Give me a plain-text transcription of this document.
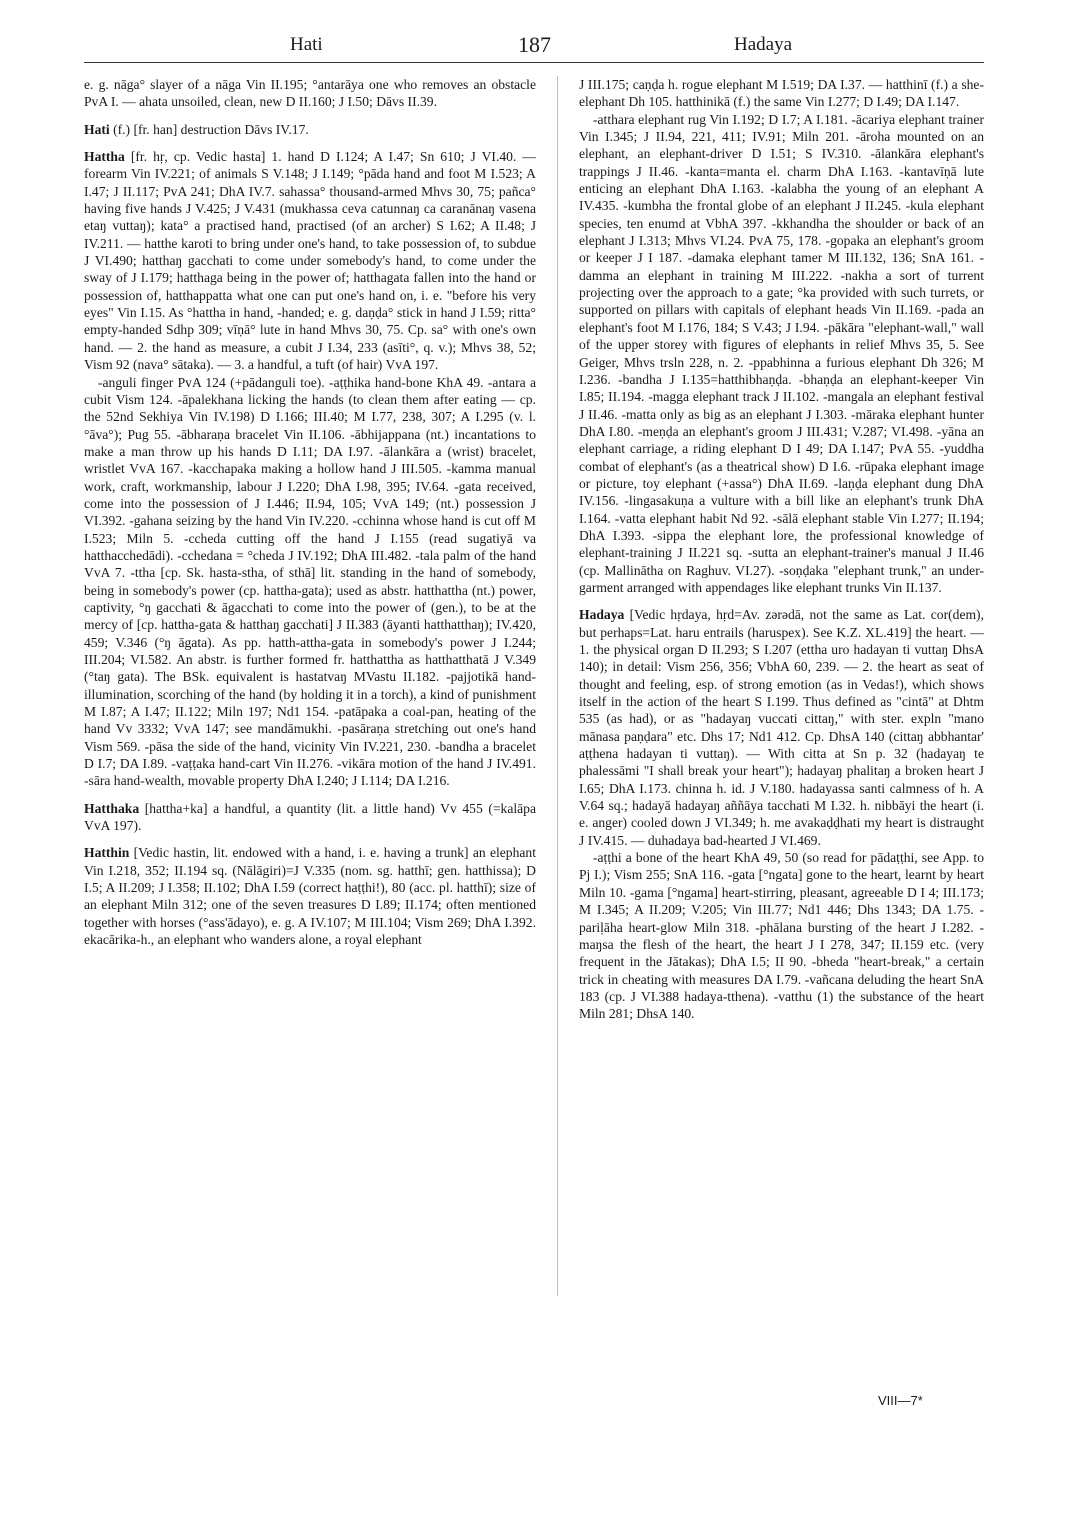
Hati	187	Hadaya

e. g. nāga° slayer of a nāga Vin II.195; °antarāya one who removes an obstacle PvA I. — ahata unsoiled, clean, new D II.160; J I.50; Dāvs II.39.

Hati (f.) [fr. han] destruction Dāvs IV.17.

Hattha [fr. hṛ, cp. Vedic hasta] 1. hand D I.124; A I.47; Sn 610; J VI.40. — forearm Vin IV.221; of animals S V.148; J I.149; °pāda hand and foot M I.523; A I.47; J II.117; PvA 241; DhA IV.7. sahassa° thousand-armed Mhvs 30, 75; pañca° having five hands J V.425; J V.431 (mukhassa ceva catunnaŋ ca caranānaŋ vasena etaŋ vuttaŋ); kata° a practised hand, practised (of an archer) S I.62; A II.48; J IV.211. — hatthe karoti to bring under one's hand, to take possession of, to subdue J VI.490; hatthaŋ gacchati to come under somebody's hand, to come under the sway of J I.179; hatthaga being in the power of; hatthagata fallen into the hand or possession of, hatthappatta what one can put one's hand on, i. e. "before his very eyes" Vin I.15. As °hattha in hand, -handed; e. g. daṇḍa° stick in hand J I.59; ritta° empty-handed Sdhp 309; vīṇā° lute in hand Mhvs 30, 75. Cp. sa° with one's own hand. — 2. the hand as measure, a cubit J I.34, 233 (asīti°, q. v.); Mhvs 38, 52; Vism 92 (nava° sātaka). — 3. a handful, a tuft (of hair) VvA 197.

-anguli finger PvA 124 (+pādanguli toe). -aṭṭhika hand-bone KhA 49. -antara a cubit Vism 124. -āpalekhana licking the hands (to clean them after eating — cp. the 52nd Sekhiya Vin IV.198) D I.166; III.40; M I.77, 238, 307; A I.295 (v. l. °āva°); Pug 55. -ābharaṇa bracelet Vin II.106. -ābhijappana (nt.) incantations to make a man throw up his hands D I.11; DA I.97. -ālankāra a (wrist) bracelet, wristlet VvA 167. -kacchapaka making a hollow hand J III.505. -kamma manual work, craft, workmanship, labour J I.220; DhA I.98, 395; IV.64. -gata received, come into the possession of J I.446; II.94, 105; VvA 149; (nt.) possession J VI.392. -gahana seizing by the hand Vin IV.220. -cchinna whose hand is cut off M I.523; Miln 5. -ccheda cutting off the hand J I.155 (read sugatiyā va hatthacchedādi). -cchedana = °cheda J IV.192; DhA III.482. -tala palm of the hand VvA 7. -ttha [cp. Sk. hasta-stha, of sthā] lit. standing in the hand of somebody, being in somebody's power (cp. hattha-gata); used as abstr. hatthattha (nt.) power, captivity, °ŋ gacchati & āgacchati to come into the power of (gen.), to be at the mercy of [cp. hattha-gata & hatthaŋ gacchati] J II.383 (āyanti hatthatthaŋ); IV.420, 459; V.346 (°ŋ āgata). As pp. hatth-attha-gata in somebody's power J I.244; III.204; VI.582. An abstr. is further formed fr. hatthattha as hatthatthatā J V.349 (°taŋ gata). The BSk. equivalent is hastatvaŋ MVastu II.182. -pajjotikā hand-illumination, scorching of the hand (by holding it in a torch), a kind of punishment M I.87; A I.47; II.122; Miln 197; Nd1 154. -patāpaka a coal-pan, heating of the hand Vv 3332; VvA 147; see mandāmukhi. -pasāraṇa stretching out one's hand Vism 569. -pāsa the side of the hand, vicinity Vin IV.221, 230. -bandha a bracelet D I.7; DA I.89. -vaṭṭaka hand-cart Vin II.276. -vikāra motion of the hand J IV.491. -sāra hand-wealth, movable property DhA I.240; J I.114; DA I.216.

Hatthaka [hattha+ka] a handful, a quantity (lit. a little hand) Vv 455 (=kalāpa VvA 197).

Hatthin [Vedic hastin, lit. endowed with a hand, i. e. having a trunk] an elephant Vin I.218, 352; II.194 sq. (Nālāgiri)=J V.335 (nom. sg. hatthī; gen. hatthissa); D I.5; A II.209; J I.358; II.102; DhA I.59 (correct haṭṭhi!), 80 (acc. pl. hatthī); size of an elephant Miln 312; one of the seven treasures D I.89; II.174; often mentioned together with horses (°ass'ādayo), e. g. A IV.107; M III.104; Vism 269; DhA I.392. ekacārika-h., an elephant who wanders alone, a royal elephant

J III.175; caṇḍa h. rogue elephant M I.519; DA I.37. — hatthinī (f.) a she-elephant Dh 105. hatthinikā (f.) the same Vin I.277; D I.49; DA I.147.

-atthara elephant rug Vin I.192; D I.7; A I.181. -ācariya elephant trainer Vin I.345; J II.94, 221, 411; IV.91; Miln 201. -āroha mounted on an elephant, an elephant-driver D I.51; S IV.310. -ālankāra elephant's trappings J II.46. -kanta=manta el. charm DhA I.163. -kantavīṇā lute enticing an elephant DhA I.163. -kalabha the young of an elephant A IV.435. -kumbha the frontal globe of an elephant J II.245. -kula elephant species, ten enumd at VbhA 397. -kkhandha the shoulder or back of an elephant J I.313; Mhvs VI.24. PvA 75, 178. -gopaka an elephant's groom or keeper J I 187. -damaka elephant tamer M III.132, 136; SnA 161. -damma an elephant in training M III.222. -nakha a sort of turrent projecting over the approach to a gate; °ka provided with such turrets, or supported on pillars with capitals of elephant heads Vin II.169. -pada an elephant's foot M I.176, 184; S V.43; J I.94. -pākāra "elephant-wall," wall of the upper storey with figures of elephants in relief Mhvs 35, 5. See Geiger, Mhvs trsln 228, n. 2. -ppabhinna a furious elephant Dh 326; M I.236. -bandha J I.135=hatthibhaṇḍa. -bhaṇḍa an elephant-keeper Vin I.85; II.194. -magga elephant track J II.102. -mangala an elephant festival J II.46. -matta only as big as an elephant J I.303. -māraka elephant hunter DhA I.80. -meṇḍa an elephant's groom J III.431; V.287; VI.498. -yāna an elephant carriage, a riding elephant D I 49; DA I.147; PvA 55. -yuddha combat of elephant's (as a theatrical show) D I.6. -rūpaka elephant image or picture, toy elephant (+assa°) DhA II.69. -laṇḍa elephant dung DhA IV.156. -lingasakuṇa a vulture with a bill like an elephant's trunk DhA I.164. -vatta elephant habit Nd 92. -sālā elephant stable Vin I.277; II.194; DhA I.393. -sippa the elephant lore, the professional knowledge of elephant-training J II.221 sq. -sutta an elephant-trainer's manual J II.46 (cp. Mallinātha on Raghuv. VI.27). -soṇḍaka "elephant trunk," an under-garment arranged with appendages like elephant trunks Vin II.137.

Hadaya [Vedic hṛdaya, hṛd=Av. zǝrǝdā, not the same as Lat. cor(dem), but perhaps=Lat. haru entrails (haruspex). See K.Z. XL.419] the heart. — 1. the physical organ D II.293; S I.207 (ettha uro hadayan ti vuttaŋ DhsA 140); in detail: Vism 256, 356; VbhA 60, 239. — 2. the heart as seat of thought and feeling, esp. of strong emotion (as in Vedas!), which shows itself in the action of the heart S I.199. Thus defined as "cintā" at Dhtm 535 (as had), or as "hadayaŋ vuccati cittaŋ," with ster. expln "mano mānasa paṇḍara" etc. Dhs 17; Nd1 412. Cp. DhsA 140 (cittaŋ abbhantar' aṭṭhena hadayan ti vuttaŋ). — With citta at Sn p. 32 (hadayaŋ te phalessāmi "I shall break your heart"); hadayaŋ phalitaŋ a broken heart J I.65; DhA I.173. chinna h. id. J V.180. hadayassa santi calmness of h. A V.64 sq.; hadayā hadayaŋ aññāya tacchati M I.32. h. nibbāyi the heart (i. e. anger) cooled down J VI.349; h. me avakaḍḍhati my heart is distraught J IV.415. — duhadaya bad-hearted J VI.469.

-aṭṭhi a bone of the heart KhA 49, 50 (so read for pādaṭṭhi, see App. to Pj I.); Vism 255; SnA 116. -gata [°ngata] gone to the heart, learnt by heart Miln 10. -gama [°ngama] heart-stirring, pleasant, agreeable D I 4; III.173; M I.345; A II.209; V.205; Vin III.77; Nd1 446; Dhs 1343; DA 1.75. -pariḷāha heart-glow Miln 318. -phālana bursting of the heart J I.282. -maŋsa the flesh of the heart, the heart J I 278, 347; II.159 etc. (very frequent in the Jātakas); DhA I.5; II 90. -bheda "heart-break," a certain trick in cheating with measures DA I.79. -vañcana deluding the heart SnA 183 (cp. J VI.388 hadaya-tthena). -vatthu (1) the substance of the heart Miln 281; DhsA 140.

VIII—7*
